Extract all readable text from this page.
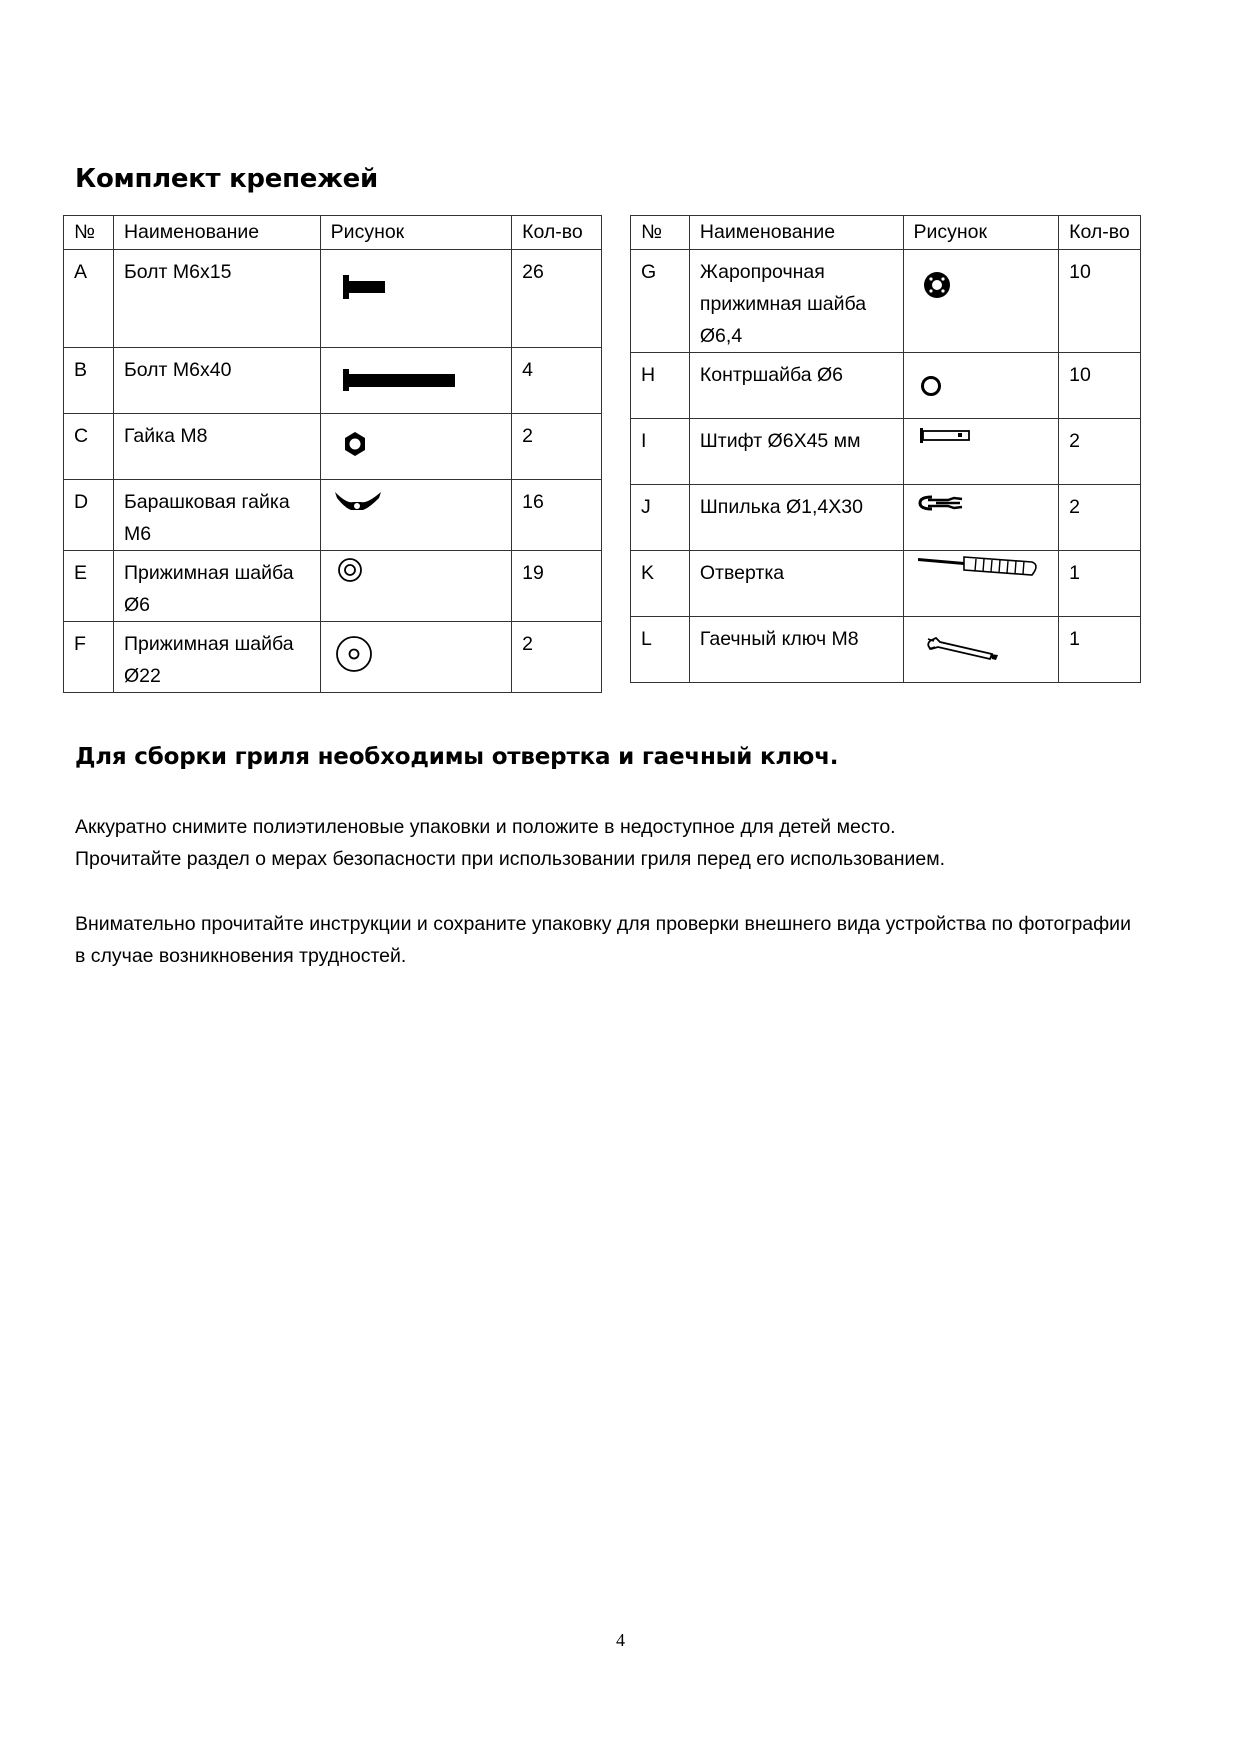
Комплект крепежей
№	Наименование	Рисунок	Кол-во
A	Болт М6х15		26
B	Болт М6х40		4
C	Гайка М8		2
D	Барашковая гайка М6		16
E	Прижимная шайба Ø6		19
F	Прижимная шайба Ø22		2
№	Наименование	Рисунок	Кол-во
G	Жаропрочная прижимная шайба Ø6,4		10
H	Контршайба Ø6		10
I	Штифт Ø6X45 мм		2
J	Шпилька Ø1,4X30		2
K	Отвертка		1
L	Гаечный ключ М8		1
Для сборки гриля необходимы отвертка и гаечный ключ.

Аккуратно снимите полиэтиленовые упаковки и положите в недоступное для детей место.

Прочитайте раздел о мерах безопасности при использовании гриля перед его использованием.

Внимательно прочитайте инструкции и сохраните упаковку для проверки внешнего вида устройства по фотографии

в случае возникновения трудностей.

4
